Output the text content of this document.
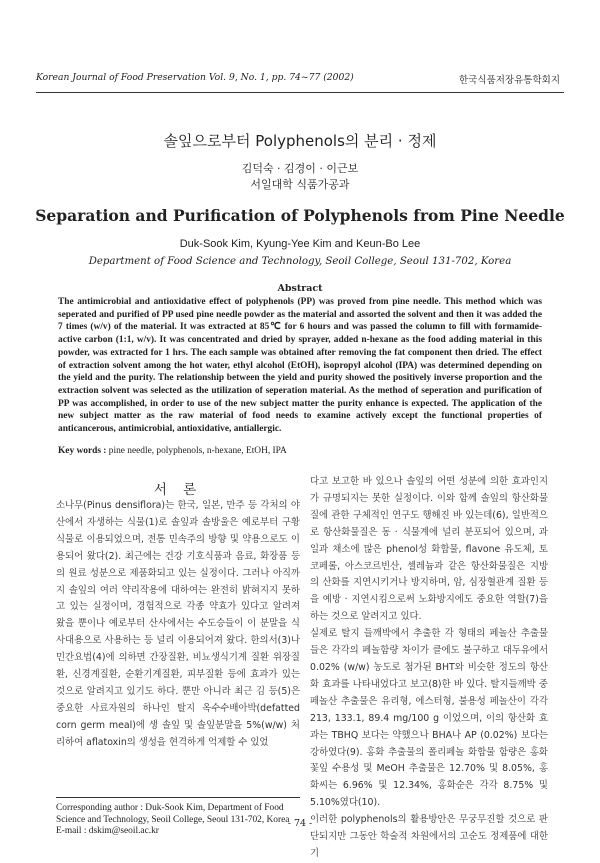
Korean Journal of Food Preservation Vol. 9, No. 1, pp. 74~77 (2002)	한국식품저장유통학회지
솔잎으로부터 Polyphenols의 분리 · 정제
김덕숙 · 김경이 · 이근보
서일대학 식품가공과
Separation and Purification of Polyphenols from Pine Needle
Duk-Sook Kim, Kyung-Yee Kim and Keun-Bo Lee
Department of Food Science and Technology, Seoil College, Seoul 131-702, Korea
Abstract

The antimicrobial and antioxidative effect of polyphenols (PP) was proved from pine needle. This method which was seperated and purified of PP used pine needle powder as the material and assorted the solvent and then it was added the 7 times (w/v) of the material. It was extracted at 85℃ for 6 hours and was passed the column to fill with formamide-active carbon (1:1, w/v). It was concentrated and dried by sprayer, added n-hexane as the food adding material in this powder, was extracted for 1 hrs. The each sample was obtained after removing the fat component then dried. The effect of extraction solvent among the hot water, ethyl alcohol (EtOH), isopropyl alcohol (IPA) was determined depending on the yield and the purity. The relationship between the yield and purity showed the positively inverse proportion and the extraction solvent was selected as the utilization of seperation material. As the method of seperation and purification of PP was accomplished, in order to use of the new subject matter the purity enhance is expected. The application of the new subject matter as the raw material of food needs to examine actively except the functional properties of anticancerous, antimicrobial, antioxidative, antiallergic.

Key words : pine needle, polyphenols, n-hexane, EtOH, IPA
서 론

소나무(Pinus densiflora)는 한국, 일본, 만주 등 각처의 야산에서 자생하는 식물(1)로 솔잎과 솔방울은 예로부터 구황식물로 이용되었으며, 전통 민속주의 방향 및 약용으로도 이용되어 왔다(2). 최근에는 건강 기호식품과 음료, 화장품 등의 원료 성분으로 제품화되고 있는 실정이다. 그러나 아직까지 솔잎의 여러 약리작용에 대하여는 완전히 밝혀지지 못하고 있는 실정이며, 경험적으로 각종 약효가 있다고 알려져 왔을 뿐이나 예로부터 산사에서는 수도승들이 이 분말을 식사대용으로 사용하는 등 널리 이용되어져 왔다. 한의서(3)나 민간요법(4)에 의하면 간장질환, 비뇨생식기계 질환 위장질환, 신경계질환, 순환기계질환, 피부질환 등에 효과가 있는 것으로 알려지고 있기도 하다. 뿐만 아니라 최근 김 등(5)은 중요한 사료자원의 하나인 탈지 옥수수배아박(defatted corn germ meal)에 생 솔잎 및 솔잎분말을 5%(w/w) 처리하여 aflatoxin의 생성을 현격하게 억제할 수 있었

다고 보고한 바 있으나 솔잎의 어떤 성분에 의한 효과인지가 규명되지는 못한 실정이다. 이와 함께 솔잎의 항산화물질에 관한 구체적인 연구도 행해진 바 있는데(6), 일반적으로 항산화물질은 동 · 식물계에 널리 분포되어 있으며, 과일과 채소에 많은 phenol성 화합물, flavone 유도체, 토코페롤, 아스코르빈산, 셀레늄과 같은 항산화물질은 지방의 산화를 지연시키거나 방지하며, 암, 심장혈관계 질환 등을 예방 · 지연시킴으로써 노화방지에도 중요한 역할(7)을 하는 것으로 알려지고 있다.

실제로 탈지 들깨박에서 추출한 각 형태의 페놀산 추출물들은 각각의 페놀함량 차이가 클에도 불구하고 대두유에서 0.02% (w/w) 농도로 첨가된 BHT와 비슷한 정도의 항산화 효과를 나타내었다고 보고(8)한 바 있다. 탈지들깨박 중 페놀산 추출물은 유리형, 에스터형, 불용성 페놀산이 각각 213, 133.1, 89.4 mg/100 g 이었으며, 이의 항산화 효과는 TBHQ 보다는 약했으나 BHA나 AP (0.02%) 보다는 강하였다(9). 홍화 추출물의 폴리페놀 화합물 함량은 홍화꽃잎 수용성 및 MeOH 추출물은 12.70% 및 8.05%, 홍화씨는 6.96% 및 12.34%, 홍화순은 각각 8.75% 및 5.10%였다(10).

이러한 polyphenols의 활용방안은 무궁무진할 것으로 판단되지만 그동안 학술적 차원에서의 고순도 정제품에 대한 기

Corresponding author : Duk-Sook Kim, Department of Food Science and Technology, Seoil College, Seoul 131-702, Korea E-mail : dskim@seoil.ac.kr
- 74 -
